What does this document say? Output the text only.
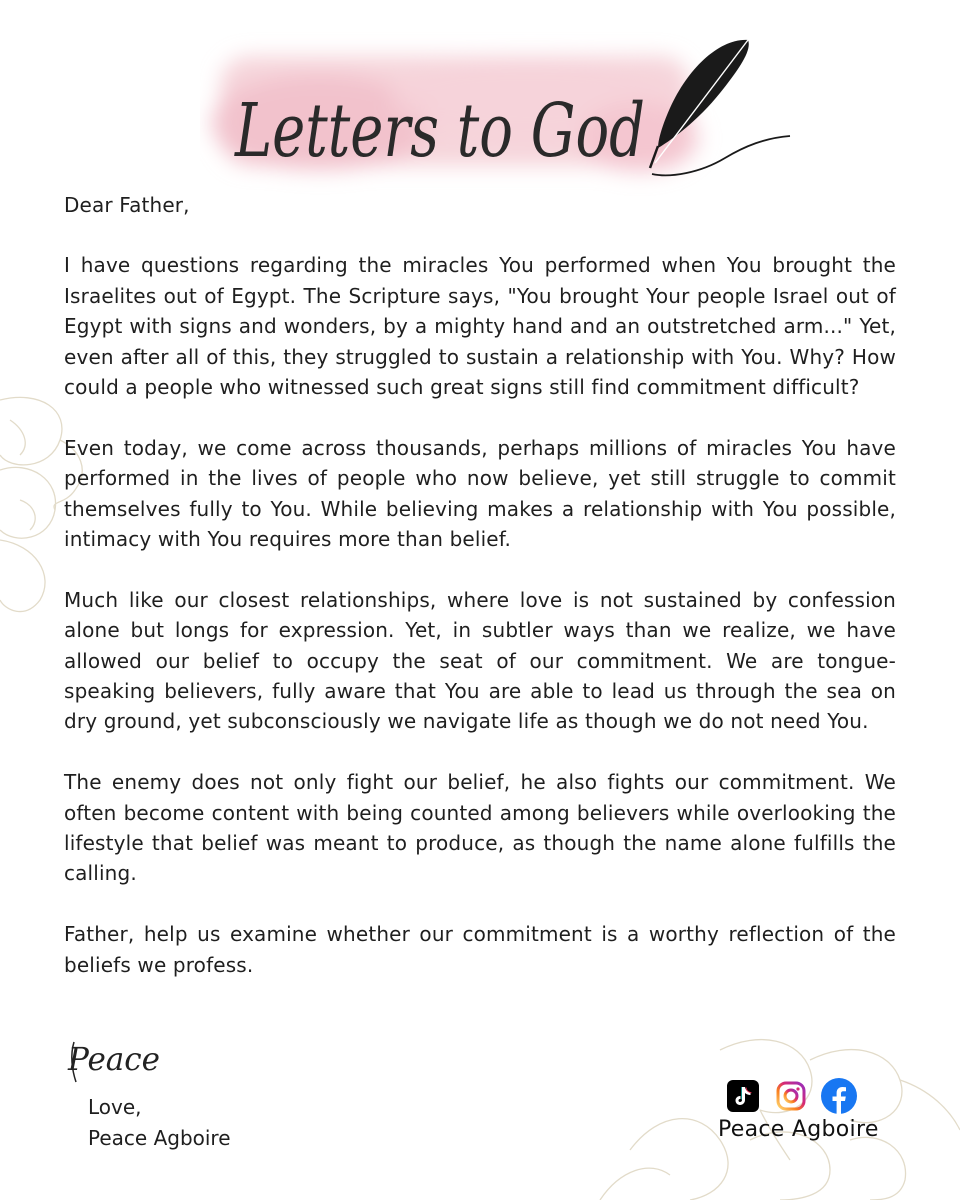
Letters to God

Dear Father,

I have questions regarding the miracles You performed when You brought the Israelites out of Egypt. The Scripture says, "You brought Your people Israel out of Egypt with signs and wonders, by a mighty hand and an outstretched arm..." Yet, even after all of this, they struggled to sustain a relationship with You. Why? How could a people who witnessed such great signs still find commitment difficult?

Even today, we come across thousands, perhaps millions of miracles You have performed in the lives of people who now believe, yet still struggle to commit themselves fully to You. While believing makes a relationship with You possible, intimacy with You requires more than belief.

Much like our closest relationships, where love is not sustained by confession alone but longs for expression. Yet, in subtler ways than we realize, we have allowed our belief to occupy the seat of our commitment. We are tongue-speaking believers, fully aware that You are able to lead us through the sea on dry ground, yet subconsciously we navigate life as though we do not need You.

The enemy does not only fight our belief, he also fights our commitment. We often become content with being counted among believers while overlooking the lifestyle that belief was meant to produce, as though the name alone fulfills the calling.

Father, help us examine whether our commitment is a worthy reflection of the beliefs we profess.

Peace
Love,
Peace Agboire	Peace Agboire
